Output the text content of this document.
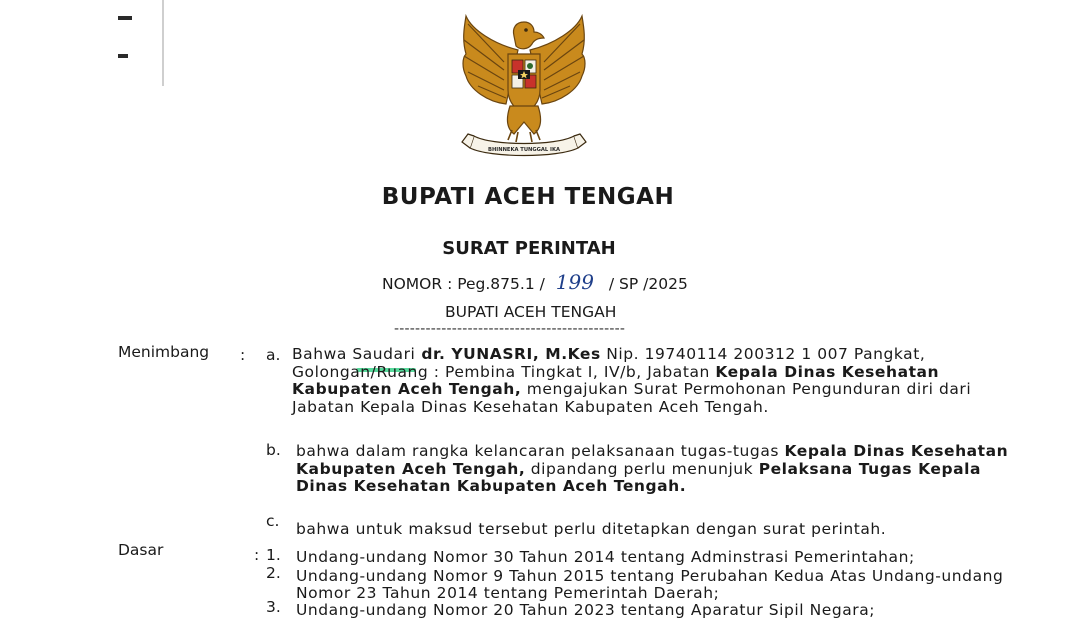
BHINNEKA TUNGGAL IKA
BUPATI ACEH TENGAH
SURAT PERINTAH
NOMOR : Peg.875.1 / 199 / SP /2025
BUPATI ACEH TENGAH
--------------------------------------------
Menimbang : a. Bahwa Saudari dr. YUNASRI, M.Kes Nip. 19740114 200312 1 007 Pangkat,
Golongan/Ruang : Pembina Tingkat I, IV/b, Jabatan Kepala Dinas Kesehatan
Kabupaten Aceh Tengah, mengajukan Surat Permohonan Pengunduran diri dari
Jabatan Kepala Dinas Kesehatan Kabupaten Aceh Tengah.
b. bahwa dalam rangka kelancaran pelaksanaan tugas-tugas Kepala Dinas Kesehatan
Kabupaten Aceh Tengah, dipandang perlu menunjuk Pelaksana Tugas Kepala
Dinas Kesehatan Kabupaten Aceh Tengah.
c. bahwa untuk maksud tersebut perlu ditetapkan dengan surat perintah.
Dasar	: 1. Undang-undang Nomor 30 Tahun 2014 tentang Adminstrasi Pemerintahan;
2. Undang-undang Nomor 9 Tahun 2015 tentang Perubahan Kedua Atas Undang-undang
Nomor 23 Tahun 2014 tentang Pemerintah Daerah;
3. Undang-undang Nomor 20 Tahun 2023 tentang Aparatur Sipil Negara;
